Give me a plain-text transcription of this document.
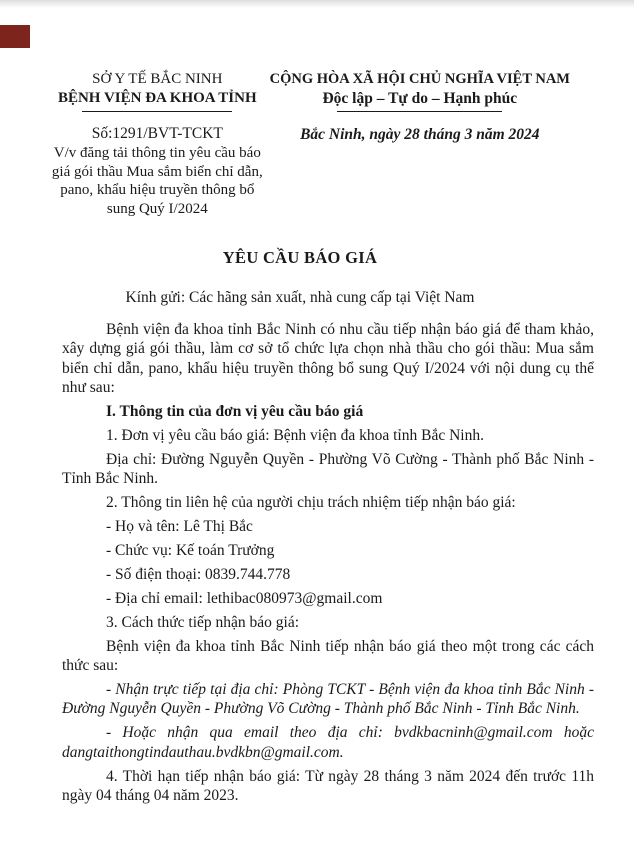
SỞ Y TẾ BẮC NINH
BỆNH VIỆN ĐA KHOA TỈNH
Số:1291/BVT-TCKT
V/v đăng tải thông tin yêu cầu báo giá gói thầu Mua sắm biển chỉ dẫn, pano, khẩu hiệu truyền thông bổ sung Quý I/2024
CỘNG HÒA XÃ HỘI CHỦ NGHĨA VIỆT NAM
Độc lập – Tự do – Hạnh phúc
Bắc Ninh, ngày 28 tháng 3 năm 2024
YÊU CẦU BÁO GIÁ
Kính gửi: Các hãng sản xuất, nhà cung cấp tại Việt Nam

Bệnh viện đa khoa tỉnh Bắc Ninh có nhu cầu tiếp nhận báo giá để tham khảo, xây dựng giá gói thầu, làm cơ sở tổ chức lựa chọn nhà thầu cho gói thầu: Mua sắm biển chỉ dẫn, pano, khẩu hiệu truyền thông bổ sung Quý I/2024 với nội dung cụ thể như sau:

I. Thông tin của đơn vị yêu cầu báo giá

1. Đơn vị yêu cầu báo giá: Bệnh viện đa khoa tỉnh Bắc Ninh.

Địa chỉ: Đường Nguyễn Quyền - Phường Võ Cường - Thành phố Bắc Ninh - Tỉnh Bắc Ninh.

2. Thông tin liên hệ của người chịu trách nhiệm tiếp nhận báo giá:

- Họ và tên: Lê Thị Bắc

- Chức vụ: Kế toán Trưởng

- Số điện thoại: 0839.744.778

- Địa chỉ email: lethibac080973@gmail.com

3. Cách thức tiếp nhận báo giá:

Bệnh viện đa khoa tỉnh Bắc Ninh tiếp nhận báo giá theo một trong các cách thức sau:

- Nhận trực tiếp tại địa chỉ: Phòng TCKT - Bệnh viện đa khoa tỉnh Bắc Ninh - Đường Nguyễn Quyền - Phường Võ Cường - Thành phố Bắc Ninh - Tỉnh Bắc Ninh.

- Hoặc nhận qua email theo địa chỉ: bvdkbacninh@gmail.com hoặc dangtaithongtindauthau.bvdkbn@gmail.com.

4. Thời hạn tiếp nhận báo giá: Từ ngày 28 tháng 3 năm 2024 đến trước 11h ngày 04 tháng 04 năm 2023.
